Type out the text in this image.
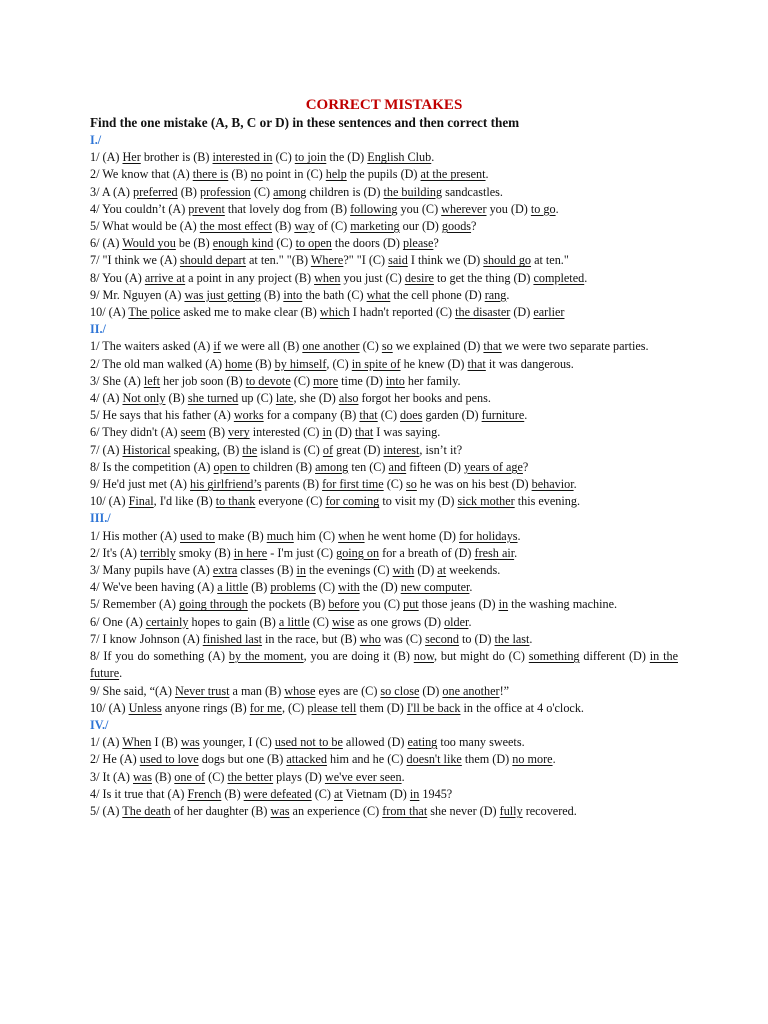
CORRECT MISTAKES
Find the one mistake (A, B, C or D) in these sentences and then correct them
I./
1/ (A) Her brother is (B) interested in (C) to join the (D) English Club.
2/ We know that (A) there is (B) no point in (C) help the pupils (D) at the present.
3/ A (A) preferred (B) profession (C) among children is (D) the building sandcastles.
4/ You couldn’t (A) prevent that lovely dog from (B) following you (C) wherever you (D) to go.
5/ What would be (A) the most effect (B) way of (C) marketing our (D) goods?
6/ (A) Would you be (B) enough kind (C) to open the doors (D) please?
7/ "I think we (A) should depart at ten." "(B) Where?" "I (C) said I think we (D) should go at ten."
8/ You (A) arrive at a point in any project (B) when you just (C) desire to get the thing (D) completed.
9/ Mr. Nguyen (A) was just getting (B) into the bath (C) what the cell phone (D) rang.
10/ (A) The police asked me to make clear (B) which I hadn't reported (C) the disaster (D) earlier
II./
1/ The waiters asked (A) if we were all (B) one another (C) so we explained (D) that we were two separate parties.
2/ The old man walked (A) home (B) by himself, (C) in spite of he knew (D) that it was dangerous.
3/ She (A) left her job soon (B) to devote (C) more time (D) into her family.
4/ (A) Not only (B) she turned up (C) late, she (D) also forgot her books and pens.
5/ He says that his father (A) works for a company (B) that (C) does garden (D) furniture.
6/ They didn't (A) seem (B) very interested (C) in (D) that I was saying.
7/ (A) Historical speaking, (B) the island is (C) of great (D) interest, isn’t it?
8/ Is the competition (A) open to children (B) among ten (C) and fifteen (D) years of age?
9/ He'd just met (A) his girlfriend’s parents (B) for first time (C) so he was on his best (D) behavior.
10/ (A) Final, I'd like (B) to thank everyone (C) for coming to visit my (D) sick mother this evening.
III./
1/ His mother (A) used to make (B) much him (C) when he went home (D) for holidays.
2/ It's (A) terribly smoky (B) in here - I'm just (C) going on for a breath of (D) fresh air.
3/ Many pupils have (A) extra classes (B) in the evenings (C) with (D) at weekends.
4/ We've been having (A) a little (B) problems (C) with the (D) new computer.
5/ Remember (A) going through the pockets (B) before you (C) put those jeans (D) in the washing machine.
6/ One (A) certainly hopes to gain (B) a little (C) wise as one grows (D) older.
7/ I know Johnson (A) finished last in the race, but (B) who was (C) second to (D) the last.
8/ If you do something (A) by the moment, you are doing it (B) now, but might do (C) something different (D) in the future.
9/ She said, “(A) Never trust a man (B) whose eyes are (C) so close (D) one another!”
10/ (A) Unless anyone rings (B) for me, (C) please tell them (D) I'll be back in the office at 4 o'clock.
IV./
1/ (A) When I (B) was younger, I (C) used not to be allowed (D) eating too many sweets.
2/ He (A) used to love dogs but one (B) attacked him and he (C) doesn't like them (D) no more.
3/ It (A) was (B) one of (C) the better plays (D) we've ever seen.
4/ Is it true that (A) French (B) were defeated (C) at Vietnam (D) in 1945?
5/ (A) The death of her daughter (B) was an experience (C) from that she never (D) fully recovered.
